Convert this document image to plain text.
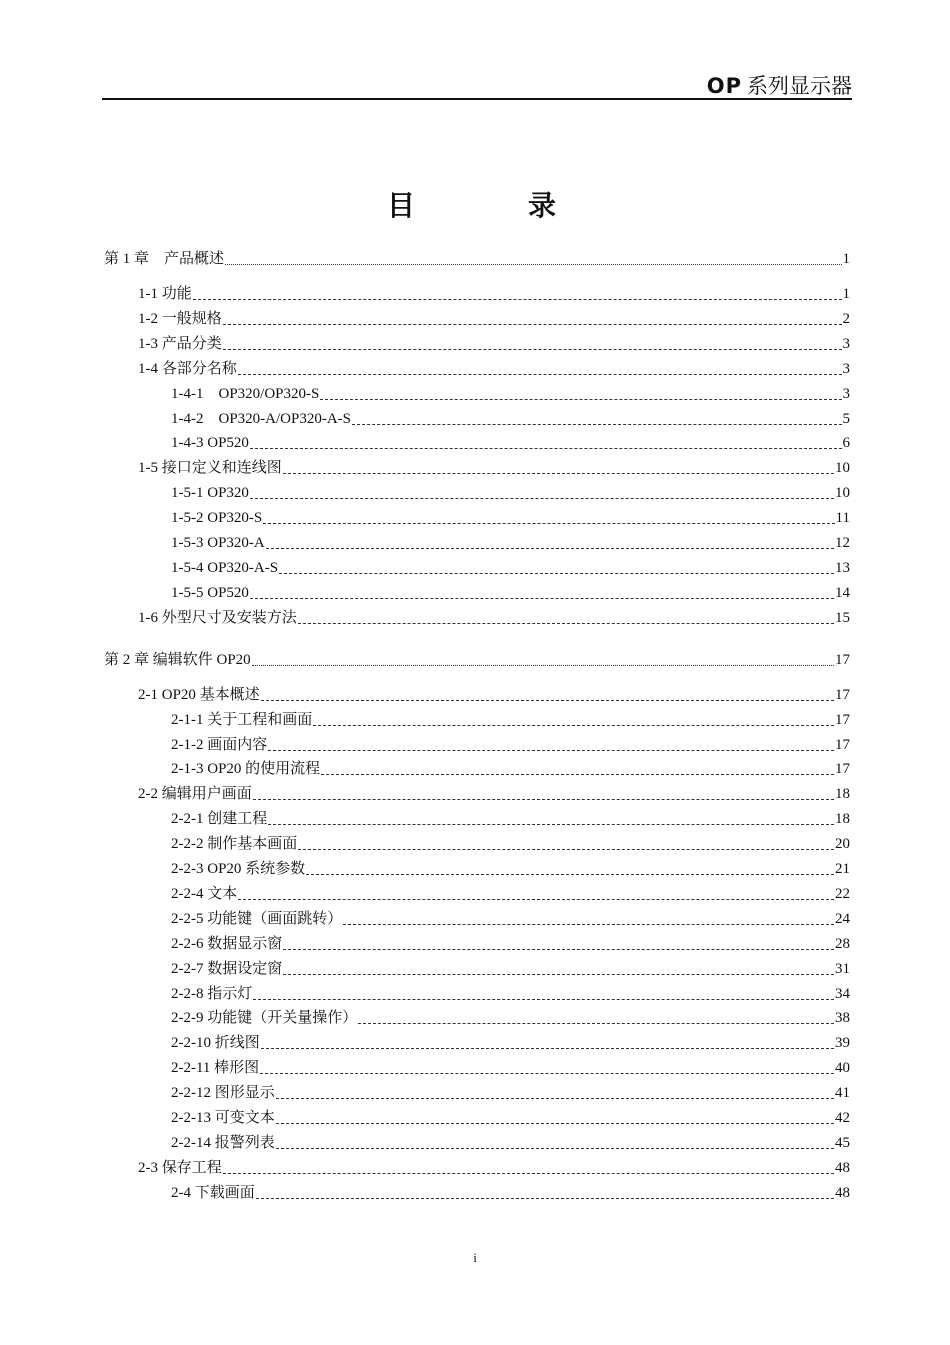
OP 系列显示器
目	录
第 1 章　产品概述	1
1-1 功能	1
1-2 一般规格	2
1-3 产品分类	3
1-4 各部分名称	3
1-4-1　OP320/OP320-S	3
1-4-2　OP320-A/OP320-A-S	5
1-4-3 OP520	6
1-5 接口定义和连线图	10
1-5-1 OP320	10
1-5-2 OP320-S	11
1-5-3 OP320-A	12
1-5-4 OP320-A-S	13
1-5-5 OP520	14
1-6 外型尺寸及安装方法	15
第 2 章 编辑软件 OP20	17
2-1 OP20 基本概述	17
2-1-1 关于工程和画面	17
2-1-2 画面内容	17
2-1-3 OP20 的使用流程	17
2-2 编辑用户画面	18
2-2-1 创建工程	18
2-2-2 制作基本画面	20
2-2-3 OP20 系统参数	21
2-2-4 文本	22
2-2-5 功能键（画面跳转）	24
2-2-6 数据显示窗	28
2-2-7 数据设定窗	31
2-2-8 指示灯	34
2-2-9 功能键（开关量操作）	38
2-2-10 折线图	39
2-2-11 棒形图	40
2-2-12 图形显示	41
2-2-13 可变文本	42
2-2-14 报警列表	45
2-3 保存工程	48
2-4 下载画面	48
i
